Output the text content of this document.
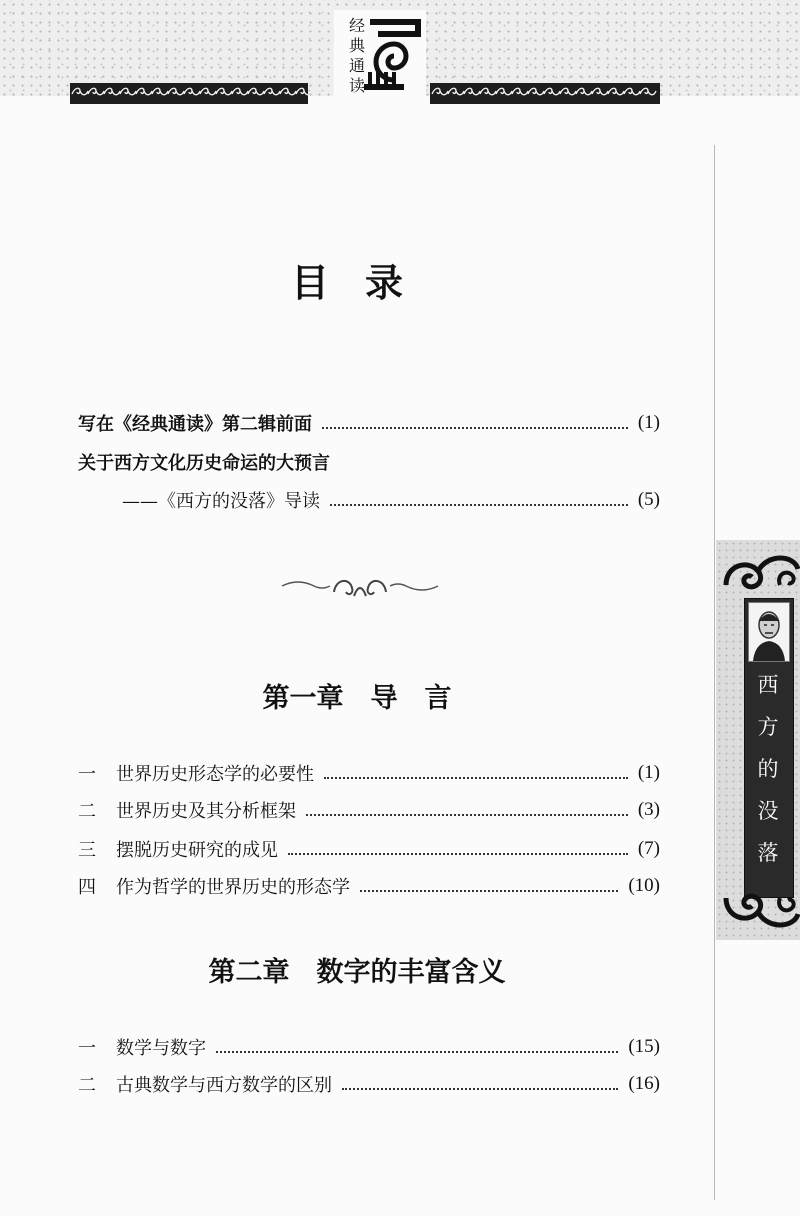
经
典
通
读
西
方
的
没
落
目录
写在《经典通读》第二辑前面	(1)
关于西方文化历史命运的大预言
——《西方的没落》导读	(5)
第一章　导　言
一 世界历史形态学的必要性	(1)
二 世界历史及其分析框架	(3)
三 摆脱历史研究的成见	(7)
四 作为哲学的世界历史的形态学	(10)
第二章　数字的丰富含义
一 数学与数字	(15)
二 古典数学与西方数学的区别	(16)
